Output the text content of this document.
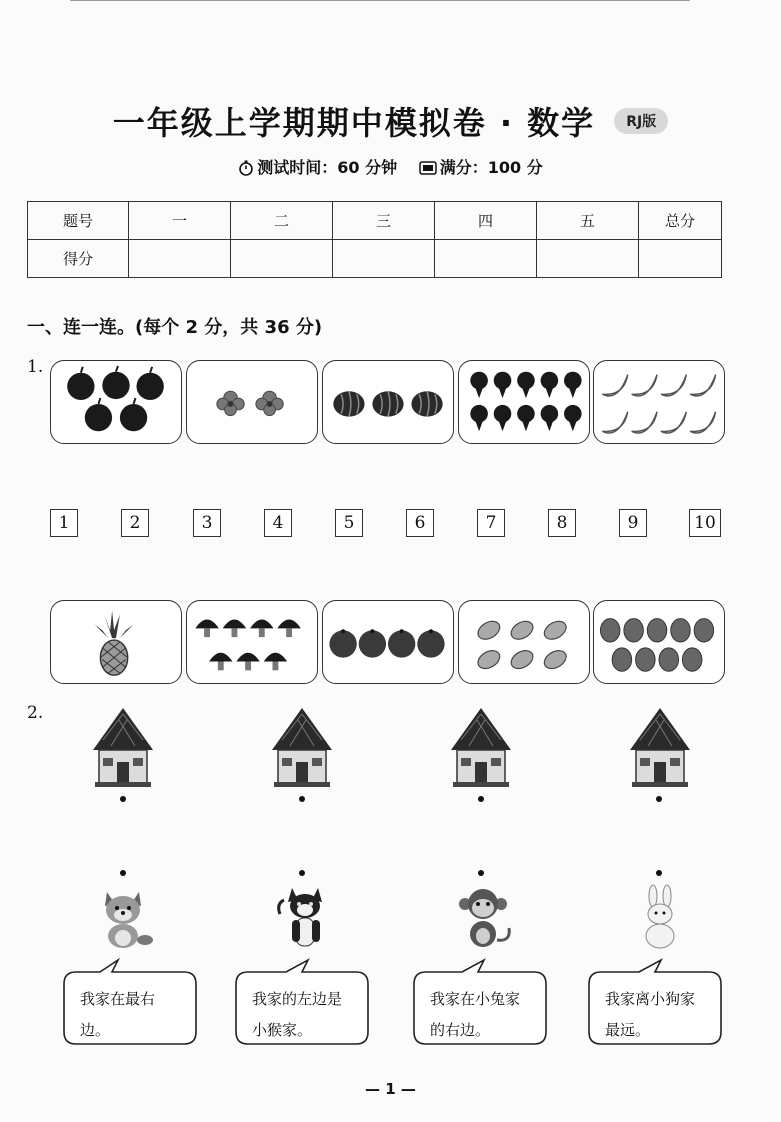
一年级上学期期中模拟卷 · 数学 RJ版
测试时间：60 分钟	满分：100 分
题号	一	二	三	四	五	总分
得分						
一、连一连。(每个 2 分，共 36 分)
1.
1	2	3	4	5	6	7	8	9	10
2.
我家在最右边。
我家的左边是小猴家。
我家在小兔家的右边。
我家离小狗家最远。
— 1 —
